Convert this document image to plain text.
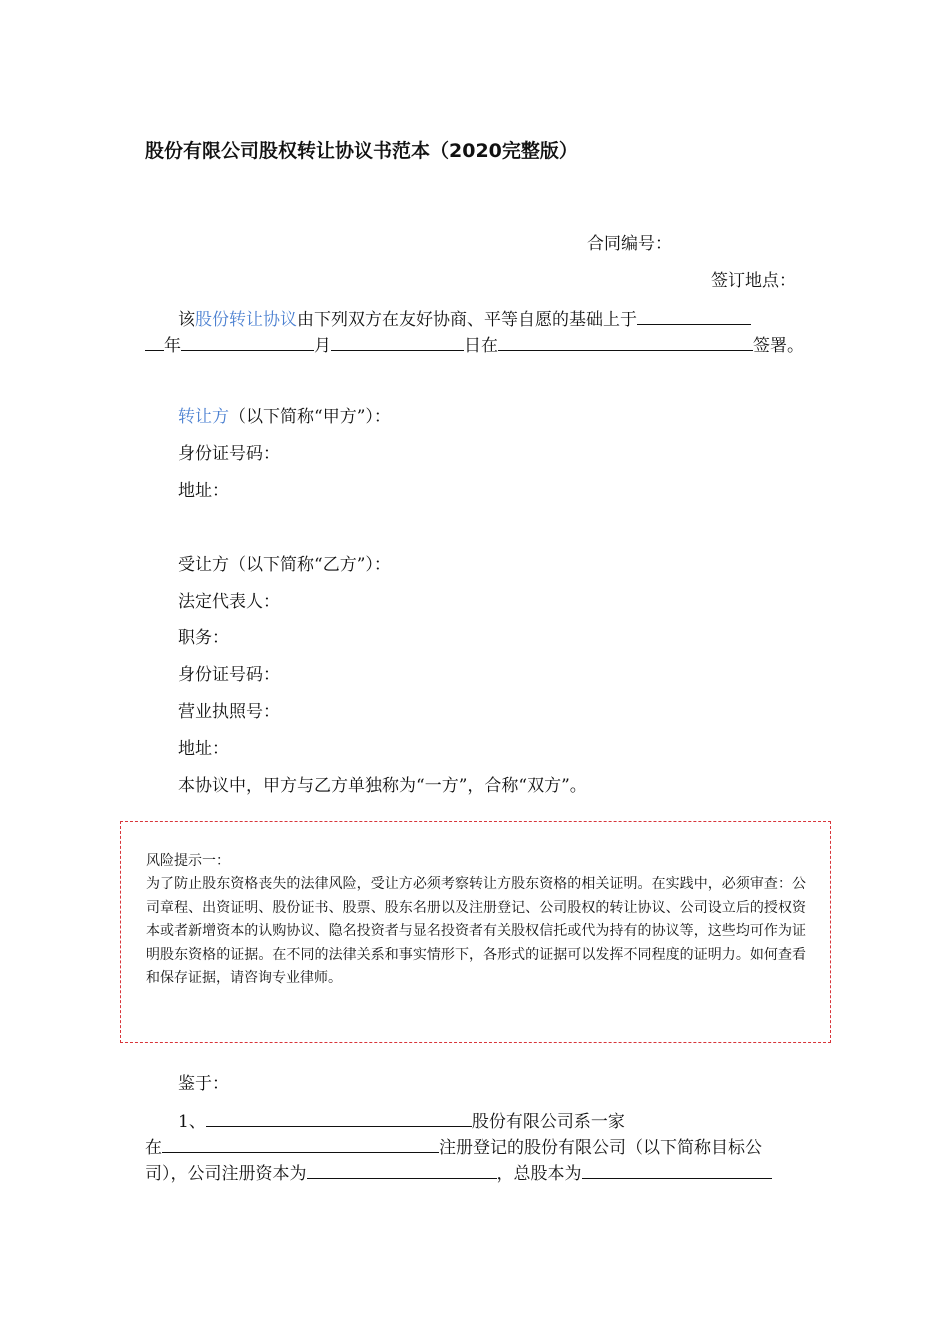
股份有限公司股权转让协议书范本（2020完整版）
合同编号：
签订地点：
该股份转让协议由下列双方在友好协商、平等自愿的基础上于
年	月	日在	签署。
转让方（以下简称“甲方”）：
身份证号码：
地址：
受让方（以下简称“乙方”）：
法定代表人：
职务：
身份证号码：
营业执照号：
地址：
本协议中，甲方与乙方单独称为“一方”，合称“双方”。
风险提示一：
为了防止股东资格丧失的法律风险，受让方必须考察转让方股东资格的相关证明。在实践中，必须审查：公司章程、出资证明、股份证书、股票、股东名册以及注册登记、公司股权的转让协议、公司设立后的授权资本或者新增资本的认购协议、隐名投资者与显名投资者有关股权信托或代为持有的协议等，这些均可作为证明股东资格的证据。在不同的法律关系和事实情形下，各形式的证据可以发挥不同程度的证明力。如何查看和保存证据，请咨询专业律师。
鉴于：
1、	股份有限公司系一家
在	注册登记的股份有限公司（以下简称目标公
司），公司注册资本为	，总股本为
